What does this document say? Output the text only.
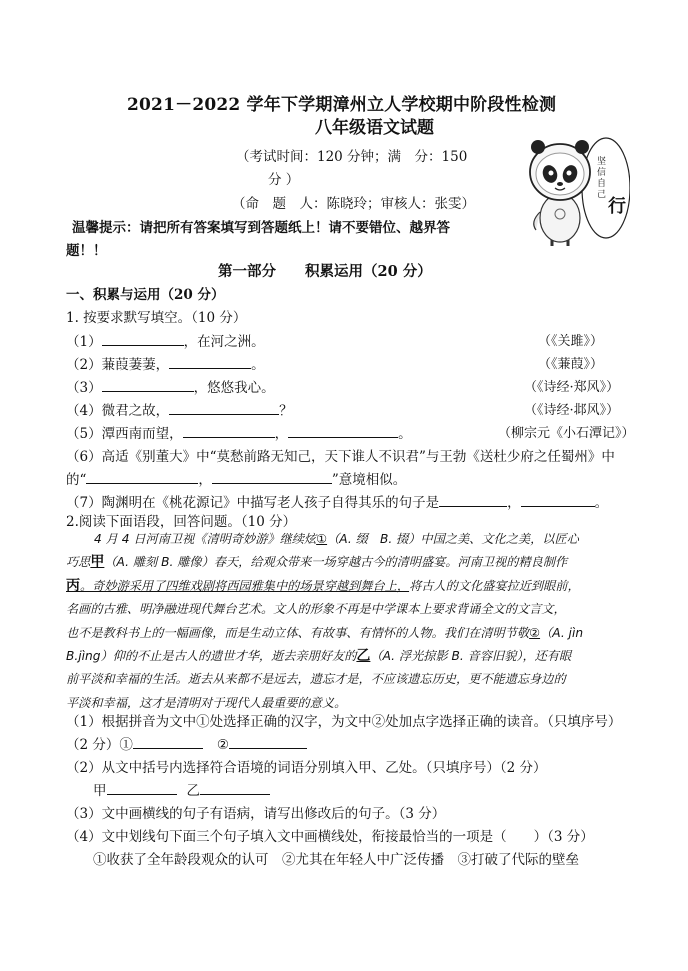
2021－2022 学年下学期漳州立人学校期中阶段性检测
八年级语文试题
（考试时间：120 分钟；满　分：150
分 ）
（命　题　人：陈晓玲；审核人：张雯）
温馨提示：请把所有答案填写到答题纸上！请不要错位、越界答
题！！
坚
信
自
己
行
第一部分　　积累运用（20 分）
一、积累与运用（20 分）
1. 按要求默写填空。（10 分）
（1）	，在河之洲。	（《关雎》）
（2）蒹葭萋萋，	。	（《蒹葭》）
（3）	，悠悠我心。	（《诗经·郑风》）
（4）微君之故，	？	（《诗经·邶风》）
（5）潭西南而望，	，	。	（柳宗元《小石潭记》）
（6）高适《别董大》中“莫愁前路无知己，天下谁人不识君”与王勃《送杜少府之任蜀州》中
的“	，	”意境相似。
（7）陶渊明在《桃花源记》中描写老人孩子自得其乐的句子是	，	。
2.阅读下面语段，回答问题。（10 分）
4 月 4 日河南卫视《清明奇妙游》继续炫①（A. 缀　B. 掇）中国之美、文化之美，以匠心
巧思甲（A. 雕刻 B. 雕像）春天，给观众带来一场穿越古今的清明盛宴。河南卫视的精良制作
丙。奇妙游采用了四维戏剧将西园雅集中的场景穿越到舞台上，将古人的文化盛宴拉近到眼前，
名画的古雅、明净融进现代舞台艺术。文人的形象不再是中学课本上要求背诵全文的文言文，
也不是教科书上的一幅画像，而是生动立体、有故事、有情怀的人物。我们在清明节敬②（A. jìn
B.jìng）仰的不止是古人的遗世才华，逝去亲朋好友的乙（A. 浮光掠影 B. 音容旧貌），还有眼
前平淡和幸福的生活。逝去从来都不是远去，遗忘才是，不应该遗忘历史，更不能遗忘身边的
平淡和幸福，这才是清明对于现代人最重要的意义。
（1）根据拼音为文中①处选择正确的汉字，为文中②处加点字选择正确的读音。（只填序号）
（2 分）①	②
（2）从文中括号内选择符合语境的词语分别填入甲、乙处。（只填序号）（2 分）
甲	乙
（3）文中画横线的句子有语病，请写出修改后的句子。（3 分）
（4）文中划线句下面三个句子填入文中画横线处，衔接最恰当的一项是（　　）（3 分）
①收获了全年龄段观众的认可　②尤其在年轻人中广泛传播　③打破了代际的壁垒
